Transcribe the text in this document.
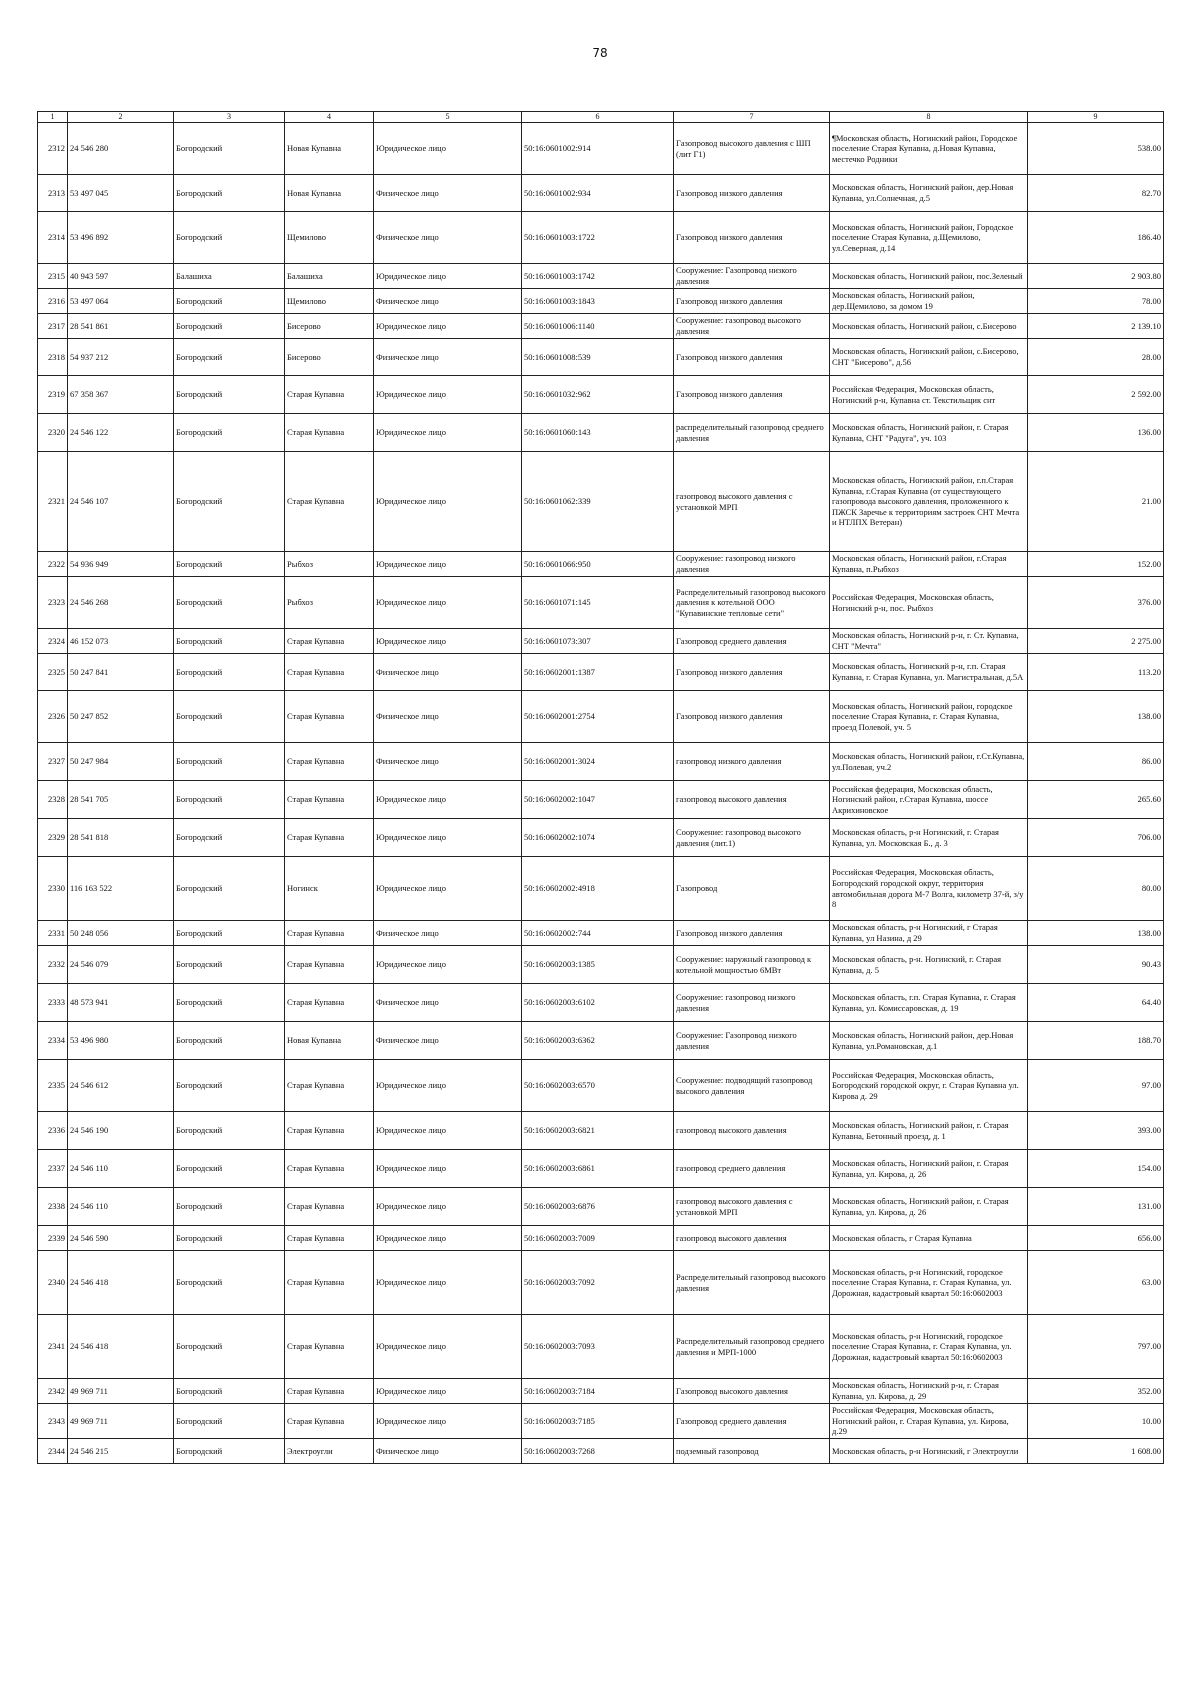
78
1	2	3	4	5	6	7	8	9
2312	24 546 280	Богородский	Новая Купавна	Юридическое лицо	50:16:0601002:914	Газопровод высокого давления с ШП (лит Г1)	¶Московская область, Ногинский район, Городское поселение Старая Купавна, д.Новая Купавна, местечко Родники	538.00
2313	53 497 045	Богородский	Новая Купавна	Физическое лицо	50:16:0601002:934	Газопровод низкого давления	Московская область, Ногинский район, дер.Новая Купавна, ул.Солнечная, д.5	82.70
2314	53 496 892	Богородский	Щемилово	Физическое лицо	50:16:0601003:1722	Газопровод низкого давления	Московская область, Ногинский район, Городское поселение Старая Купавна, д.Щемилово, ул.Северная, д.14	186.40
2315	40 943 597	Балашиха	Балашиха	Юридическое лицо	50:16:0601003:1742	Сооружение: Газопровод низкого давления	Московская область, Ногинский район, пос.Зеленый	2 903.80
2316	53 497 064	Богородский	Щемилово	Физическое лицо	50:16:0601003:1843	Газопровод низкого давления	Московская область, Ногинский район, дер.Щемилово, за домом 19	78.00
2317	28 541 861	Богородский	Бисерово	Юридическое лицо	50:16:0601006:1140	Сооружение: газопровод высокого давления	Московская область, Ногинский район, с.Бисерово	2 139.10
2318	54 937 212	Богородский	Бисерово	Физическое лицо	50:16:0601008:539	Газопровод низкого давления	Московская область, Ногинский район, с.Бисерово, СНТ "Бисерово", д.56	28.00
2319	67 358 367	Богородский	Старая Купавна	Юридическое лицо	50:16:0601032:962	Газопровод низкого давления	Российская Федерация, Московская область, Ногинский р-н, Купавна ст. Текстильщик снт	2 592.00
2320	24 546 122	Богородский	Старая Купавна	Юридическое лицо	50:16:0601060:143	распределительный газопровод среднего давления	Московская область, Ногинский район, г. Старая Купавна, СНТ "Радуга", уч. 103	136.00
2321	24 546 107	Богородский	Старая Купавна	Юридическое лицо	50:16:0601062:339	газопровод высокого давления с установкой МРП	Московская область, Ногинский район, г.п.Старая Купавна, г.Старая Купавна (от существующего газопровода высокого давления, проложенного к ПЖСК Заречье к территориям застроек СНТ Мечта и НТЛПХ Ветеран)	21.00
2322	54 936 949	Богородский	Рыбхоз	Юридическое лицо	50:16:0601066:950	Сооружение: газопровод низкого давления	Московская область, Ногинский район, г.Старая Купавна, п.Рыбхоз	152.00
2323	24 546 268	Богородский	Рыбхоз	Юридическое лицо	50:16:0601071:145	Распределительный газопровод высокого давления к котельной ООО "Купавинские тепловые сети"	Российская Федерация, Московская область, Ногинский р-н, пос. Рыбхоз	376.00
2324	46 152 073	Богородский	Старая Купавна	Юридическое лицо	50:16:0601073:307	Газопровод среднего давления	Московская область, Ногинский р-н, г. Ст. Купавна, СНТ "Мечта"	2 275.00
2325	50 247 841	Богородский	Старая Купавна	Физическое лицо	50:16:0602001:1387	Газопровод низкого давления	Московская область, Ногинский р-н, г.п. Старая Купавна, г. Старая Купавна, ул. Магистральная, д.5А	113.20
2326	50 247 852	Богородский	Старая Купавна	Физическое лицо	50:16:0602001:2754	Газопровод низкого давления	Московская область, Ногинский район, городское поселение Старая Купавна, г. Старая Купавна, проезд Полевой, уч. 5	138.00
2327	50 247 984	Богородский	Старая Купавна	Физическое лицо	50:16:0602001:3024	газопровод низкого давления	Московская область, Ногинский район, г.Ст.Купавна, ул.Полевая, уч.2	86.00
2328	28 541 705	Богородский	Старая Купавна	Юридическое лицо	50:16:0602002:1047	газопровод высокого давления	Российская федерация, Московская область, Ногинский район, г.Старая Купавна, шоссе Акрихиновское	265.60
2329	28 541 818	Богородский	Старая Купавна	Юридическое лицо	50:16:0602002:1074	Сооружение: газопровод высокого давления (лит.1)	Московская область, р-н Ногинский, г. Старая Купавна, ул. Московская Б., д. 3	706.00
2330	116 163 522	Богородский	Ногинск	Юридическое лицо	50:16:0602002:4918	Газопровод	Российская Федерация, Московская область, Богородский городской округ, территория автомобильная дорога М-7 Волга, километр 37-й, з/у 8	80.00
2331	50 248 056	Богородский	Старая Купавна	Физическое лицо	50:16:0602002:744	Газопровод низкого давления	Московская область, р-н Ногинский, г Старая Купавна, ул Назина, д 29	138.00
2332	24 546 079	Богородский	Старая Купавна	Юридическое лицо	50:16:0602003:1385	Сооружение: наружный газопровод к котельной мощностью 6МВт	Московская область, р-н. Ногинский, г. Старая Купавна, д. 5	90.43
2333	48 573 941	Богородский	Старая Купавна	Физическое лицо	50:16:0602003:6102	Сооружение: газопровод низкого давления	Московская область, г.п. Старая Купавна, г. Старая Купавна, ул. Комиссаровская, д. 19	64.40
2334	53 496 980	Богородский	Новая Купавна	Физическое лицо	50:16:0602003:6362	Сооружение: Газопровод низкого давления	Московская область, Ногинский район, дер.Новая Купавна, ул.Романовская, д.1	188.70
2335	24 546 612	Богородский	Старая Купавна	Юридическое лицо	50:16:0602003:6570	Сооружение: подводящий газопровод высокого давления	Российская Федерация, Московская область, Богородский городской округ, г. Старая Купавна ул. Кирова д. 29	97.00
2336	24 546 190	Богородский	Старая Купавна	Юридическое лицо	50:16:0602003:6821	газопровод высокого давления	Московская область, Ногинский район, г. Старая Купавна, Бетонный проезд, д. 1	393.00
2337	24 546 110	Богородский	Старая Купавна	Юридическое лицо	50:16:0602003:6861	газопровод среднего давления	Московская область, Ногинский район, г. Старая Купавна, ул. Кирова, д. 26	154.00
2338	24 546 110	Богородский	Старая Купавна	Юридическое лицо	50:16:0602003:6876	газопровод высокого давления с установкой МРП	Московская область, Ногинский район, г. Старая Купавна, ул. Кирова, д. 26	131.00
2339	24 546 590	Богородский	Старая Купавна	Юридическое лицо	50:16:0602003:7009	газопровод высокого давления	Московская область, г Старая Купавна	656.00
2340	24 546 418	Богородский	Старая Купавна	Юридическое лицо	50:16:0602003:7092	Распределительный газопровод высокого давления	Московская область, р-н Ногинский, городское поселение Старая Купавна, г. Старая Купавна, ул. Дорожная, кадастровый квартал 50:16:0602003	63.00
2341	24 546 418	Богородский	Старая Купавна	Юридическое лицо	50:16:0602003:7093	Распределительный газопровод среднего давления и МРП-1000	Московская область, р-н Ногинский, городское поселение Старая Купавна, г. Старая Купавна, ул. Дорожная, кадастровый квартал 50:16:0602003	797.00
2342	49 969 711	Богородский	Старая Купавна	Юридическое лицо	50:16:0602003:7184	Газопровод высокого давления	Московская область, Ногинский р-н, г. Старая Купавна, ул. Кирова, д. 29	352.00
2343	49 969 711	Богородский	Старая Купавна	Юридическое лицо	50:16:0602003:7185	Газопровод среднего давления	Российская Федерация, Московская область, Ногинский район, г. Старая Купавна, ул. Кирова, д.29	10.00
2344	24 546 215	Богородский	Электроугли	Физическое лицо	50:16:0602003:7268	подземный газопровод	Московская область, р-н Ногинский, г Электроугли	1 608.00
